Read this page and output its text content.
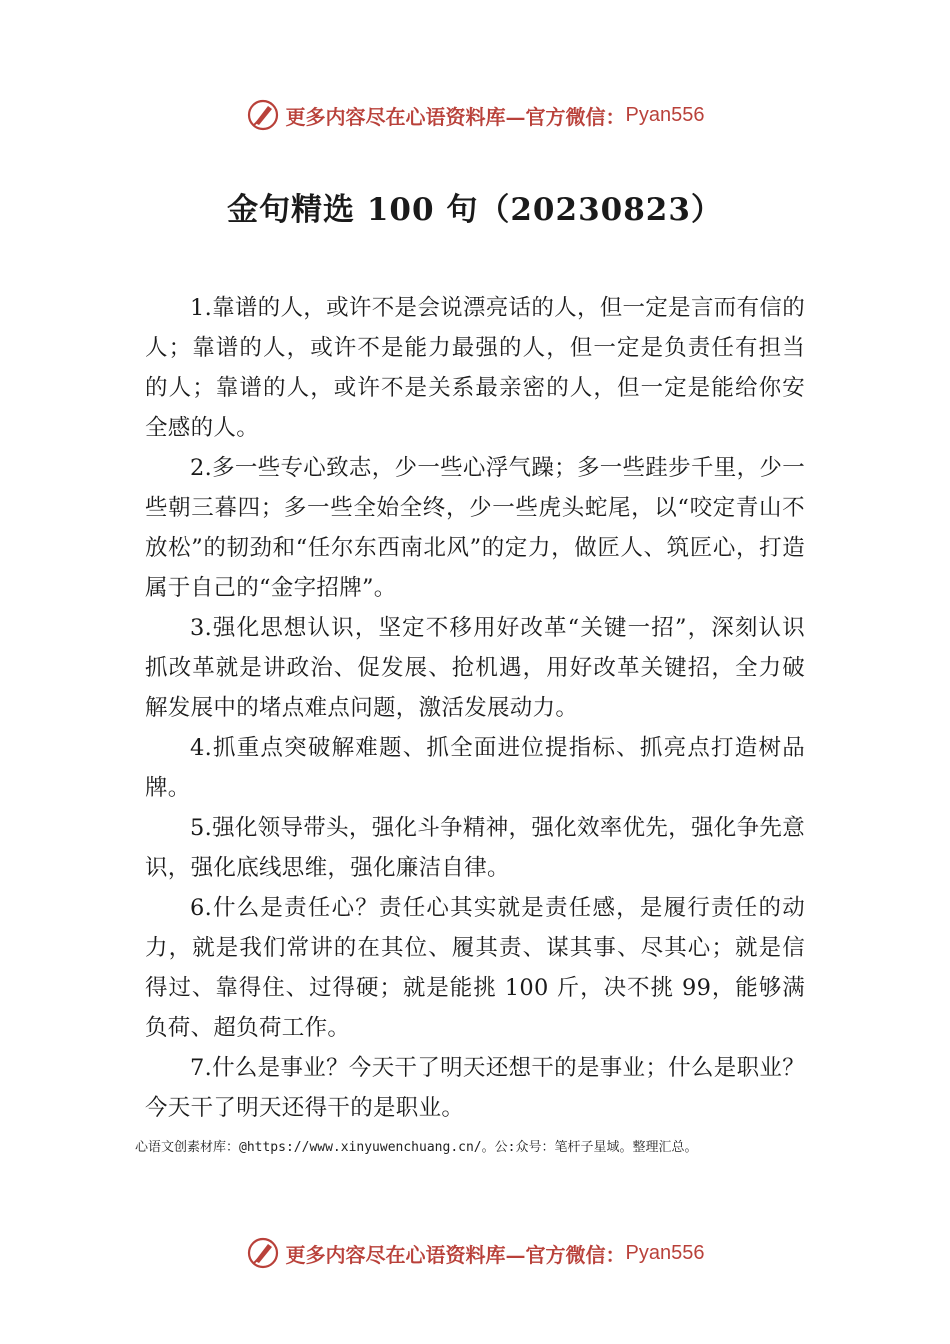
更多内容尽在心语资料库—官方微信： Pyan556
金句精选 100 句（20230823）

1.靠谱的人，或许不是会说漂亮话的人，但一定是言而有信的人；靠谱的人，或许不是能力最强的人，但一定是负责任有担当的人；靠谱的人，或许不是关系最亲密的人，但一定是能给你安全感的人。

2.多一些专心致志，少一些心浮气躁；多一些跬步千里，少一些朝三暮四；多一些全始全终，少一些虎头蛇尾，以“咬定青山不放松”的韧劲和“任尔东西南北风”的定力，做匠人、筑匠心，打造属于自己的“金字招牌”。

3.强化思想认识，坚定不移用好改革“关键一招”，深刻认识抓改革就是讲政治、促发展、抢机遇，用好改革关键招，全力破解发展中的堵点难点问题，激活发展动力。

4.抓重点突破解难题、抓全面进位提指标、抓亮点打造树品牌。

5.强化领导带头，强化斗争精神，强化效率优先，强化争先意识，强化底线思维，强化廉洁自律。

6.什么是责任心？责任心其实就是责任感，是履行责任的动力，就是我们常讲的在其位、履其责、谋其事、尽其心；就是信得过、靠得住、过得硬；就是能挑 100 斤，决不挑 99，能够满负荷、超负荷工作。

7.什么是事业？今天干了明天还想干的是事业；什么是职业？今天干了明天还得干的是职业。

心语文创素材库：@https://www.xinyuwenchuang.cn/。公:众号：笔杆子星域。整理汇总。
更多内容尽在心语资料库—官方微信： Pyan556
